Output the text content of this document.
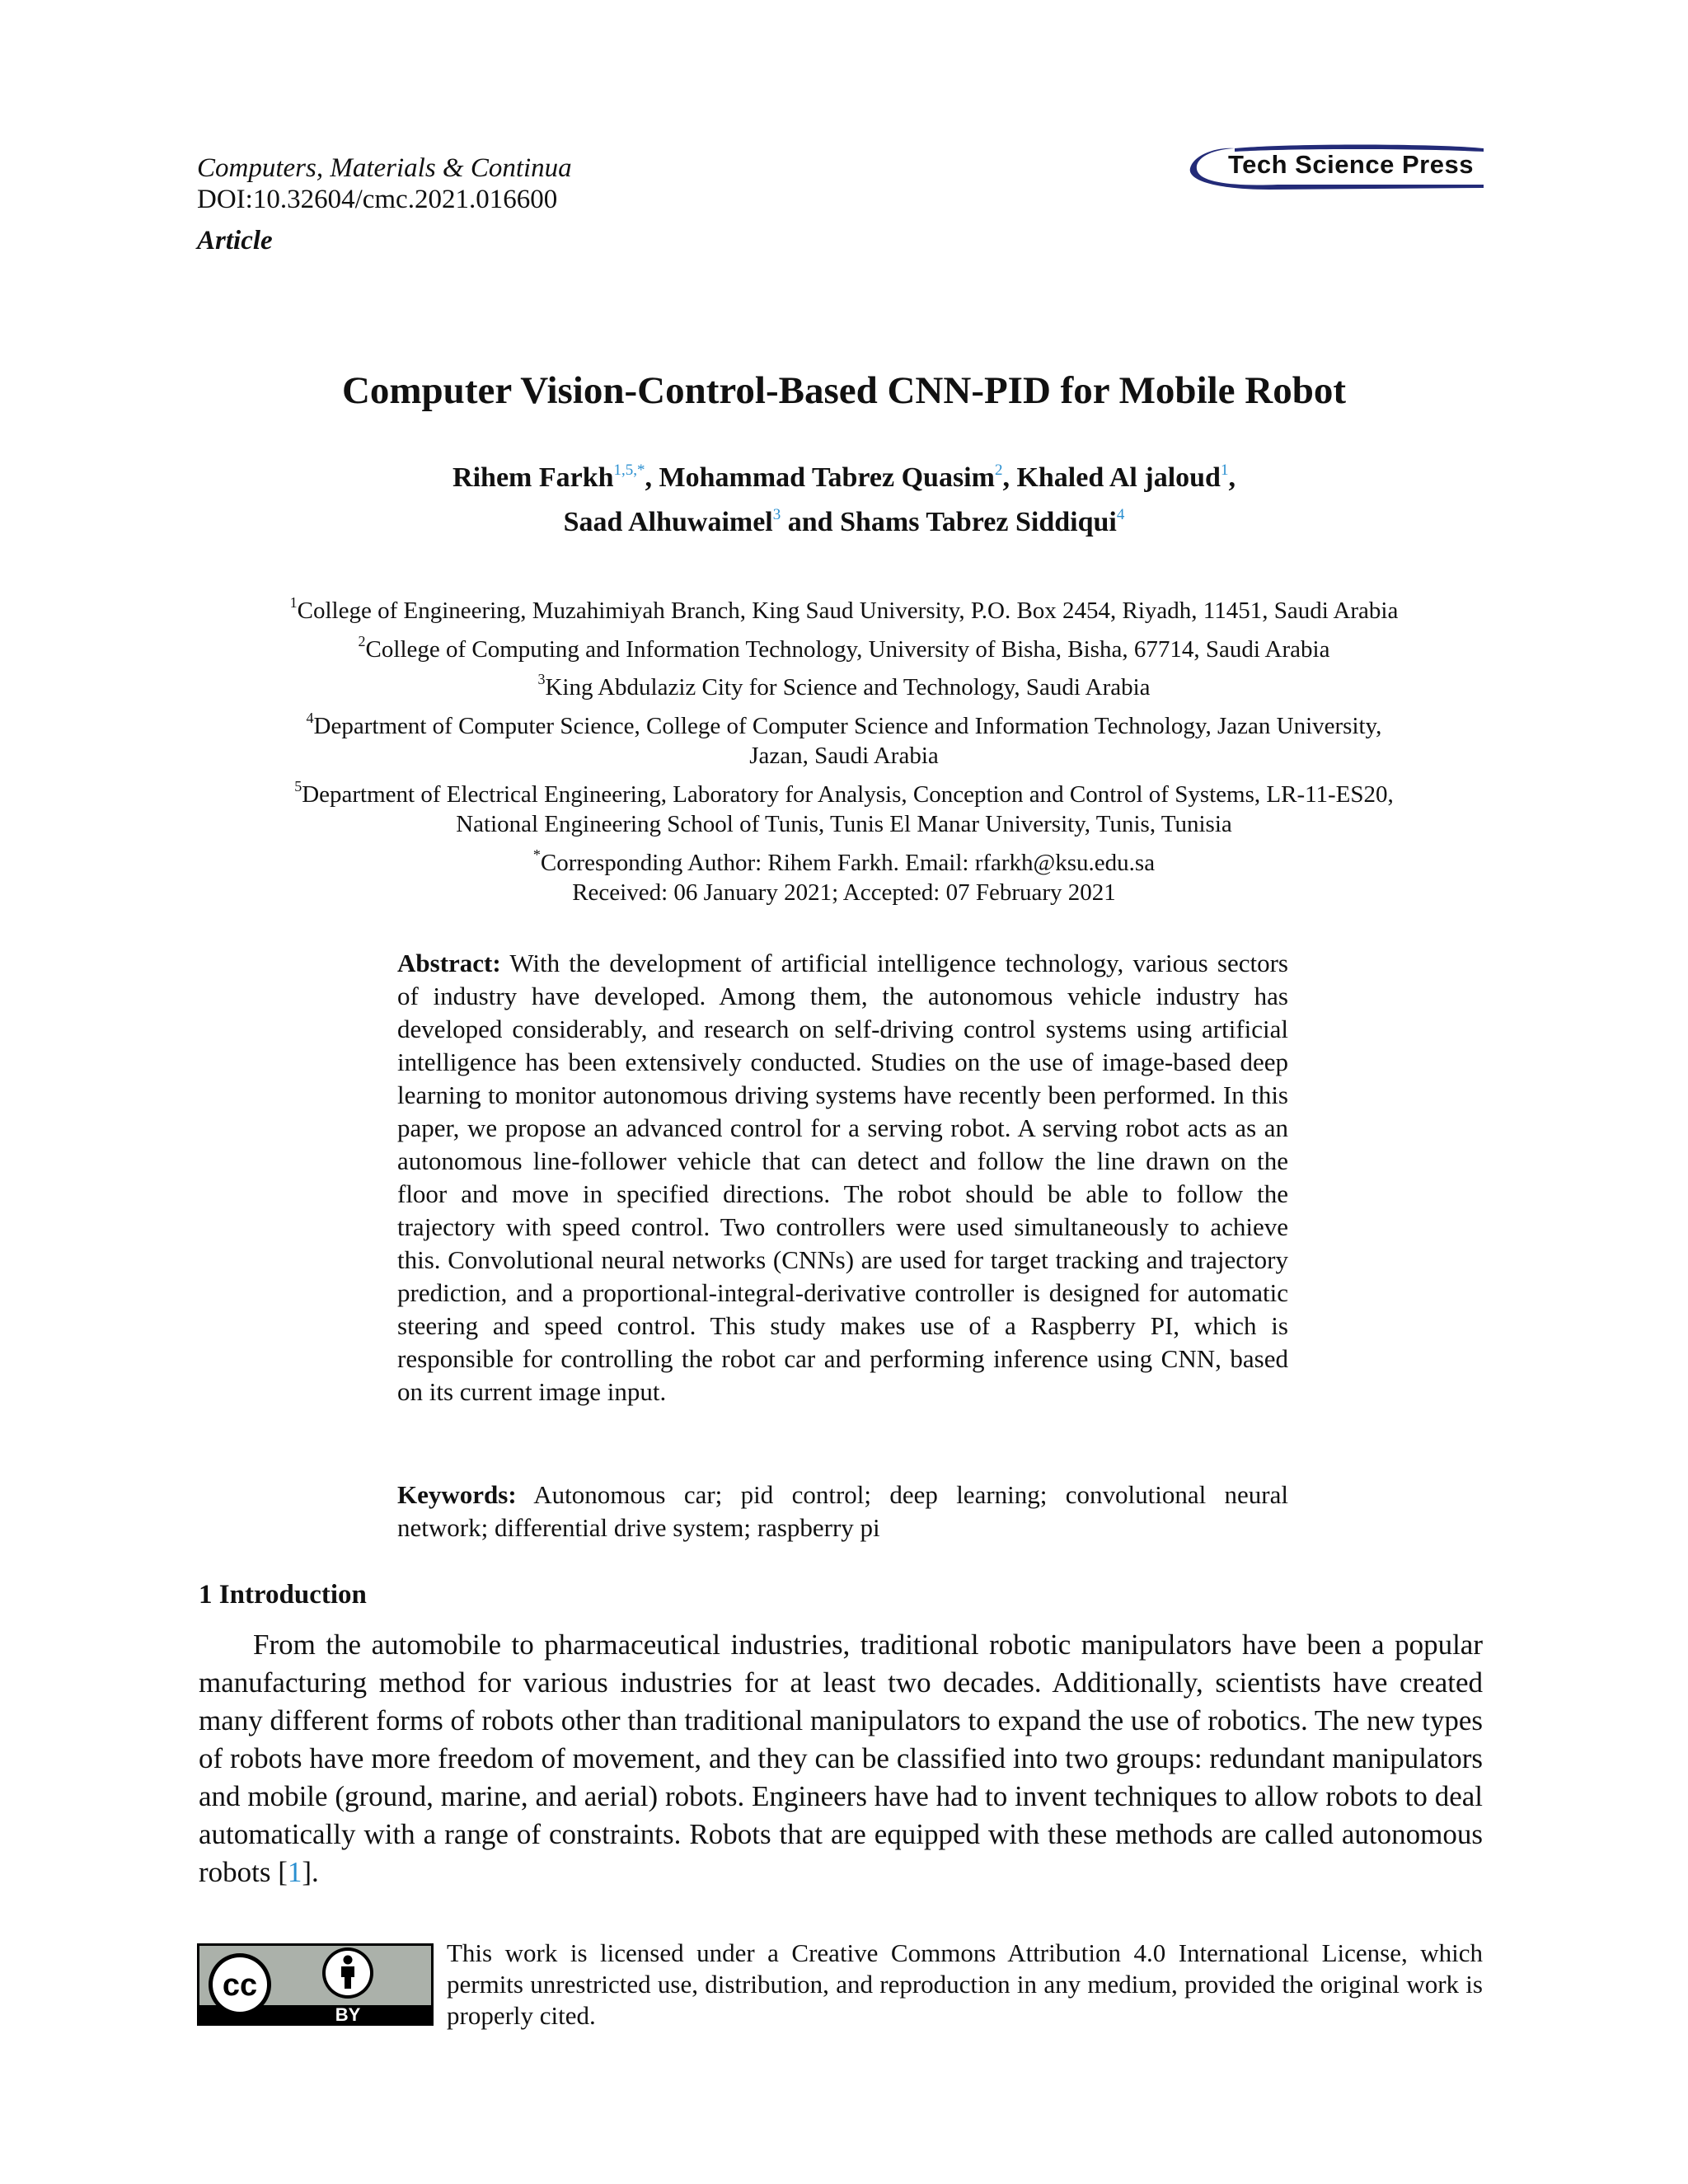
Computers, Materials & Continua
DOI:10.32604/cmc.2021.016600
Article
Tech Science Press
Computer Vision-Control-Based CNN-PID for Mobile Robot
Rihem Farkh$^{1,5,*}$, Mohammad Tabrez Quasim$^2$, Khaled Al jaloud$^1$,
Saad Alhuwaimel$^3$ and Shams Tabrez Siddiqui$^4$
$^1$College of Engineering, Muzahimiyah Branch, King Saud University, P.O. Box 2454, Riyadh, 11451, Saudi Arabia
$^2$College of Computing and Information Technology, University of Bisha, Bisha, 67714, Saudi Arabia
$^3$King Abdulaziz City for Science and Technology, Saudi Arabia
$^4$Department of Computer Science, College of Computer Science and Information Technology, Jazan University,
Jazan, Saudi Arabia
$^5$Department of Electrical Engineering, Laboratory for Analysis, Conception and Control of Systems, LR-11-ES20,
National Engineering School of Tunis, Tunis El Manar University, Tunis, Tunisia
*Corresponding Author: Rihem Farkh. Email: rfarkh@ksu.edu.sa
Received: 06 January 2021; Accepted: 07 February 2021
Abstract: With the development of artificial intelligence technology, various sectors of industry have developed. Among them, the autonomous vehicle industry has developed considerably, and research on self-driving control systems using artificial intelligence has been extensively conducted. Studies on the use of image-based deep learning to monitor autonomous driving systems have recently been performed. In this paper, we propose an advanced control for a serving robot. A serving robot acts as an autonomous line-follower vehicle that can detect and follow the line drawn on the floor and move in specified directions. The robot should be able to follow the trajectory with speed control. Two controllers were used simultaneously to achieve this. Convolutional neural networks (CNNs) are used for target tracking and trajectory prediction, and a proportional-integral-derivative controller is designed for automatic steering and speed control. This study makes use of a Raspberry PI, which is responsible for controlling the robot car and performing inference using CNN, based on its current image input.
Keywords: Autonomous car; pid control; deep learning; convolutional neural network; differential drive system; raspberry pi
1 Introduction
From the automobile to pharmaceutical industries, traditional robotic manipulators have been a popular manufacturing method for various industries for at least two decades. Additionally, scientists have created many different forms of robots other than traditional manipulators to expand the use of robotics. The new types of robots have more freedom of movement, and they can be classified into two groups: redundant manipulators and mobile (ground, marine, and aerial) robots. Engineers have had to invent techniques to allow robots to deal automatically with a range of constraints. Robots that are equipped with these methods are called autonomous robots [1].
cc
BY
This work is licensed under a Creative Commons Attribution 4.0 International License, which permits unrestricted use, distribution, and reproduction in any medium, provided the original work is properly cited.
